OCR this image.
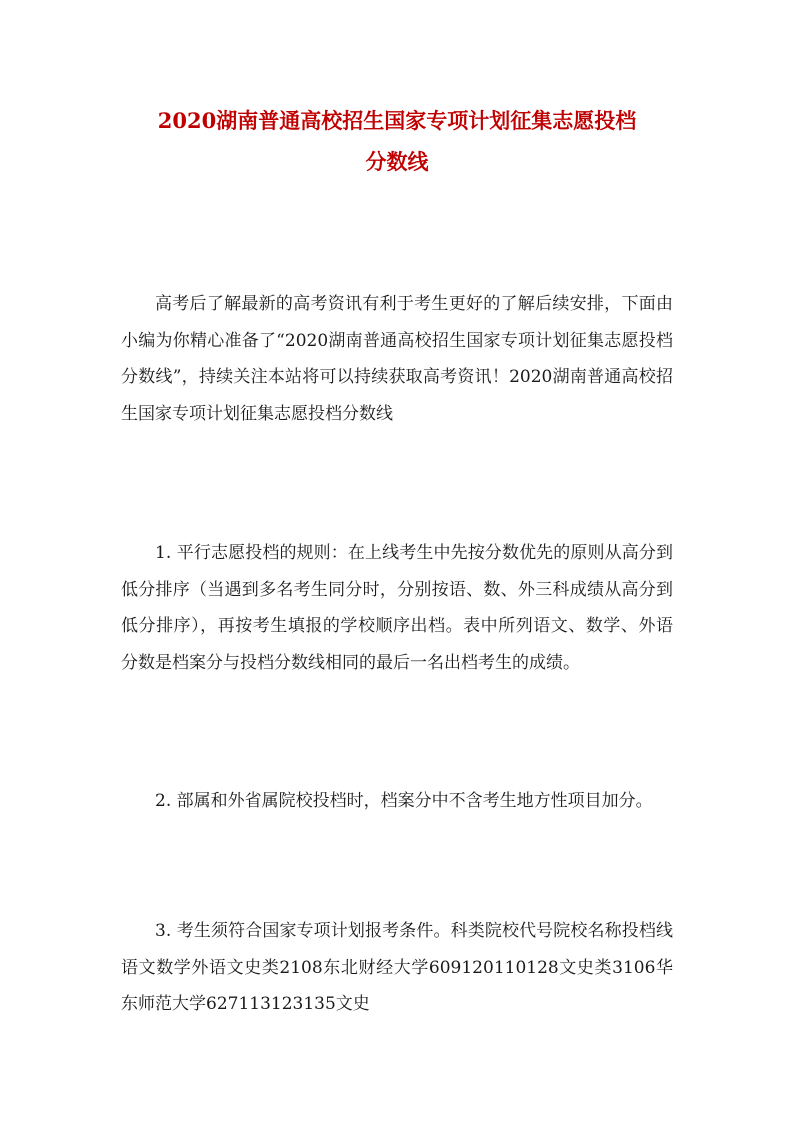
2020湖南普通高校招生国家专项计划征集志愿投档
分数线

高考后了解最新的高考资讯有利于考生更好的了解后续安排，下面由小编为你精心准备了“2020湖南普通高校招生国家专项计划征集志愿投档分数线”，持续关注本站将可以持续获取高考资讯！2020湖南普通高校招生国家专项计划征集志愿投档分数线

1. 平行志愿投档的规则：在上线考生中先按分数优先的原则从高分到低分排序（当遇到多名考生同分时，分别按语、数、外三科成绩从高分到低分排序），再按考生填报的学校顺序出档。表中所列语文、数学、外语分数是档案分与投档分数线相同的最后一名出档考生的成绩。

2. 部属和外省属院校投档时，档案分中不含考生地方性项目加分。

3. 考生须符合国家专项计划报考条件。科类院校代号院校名称投档线语文数学外语文史类2108东北财经大学609120110128文史类3106华东师范大学627113123135文史
